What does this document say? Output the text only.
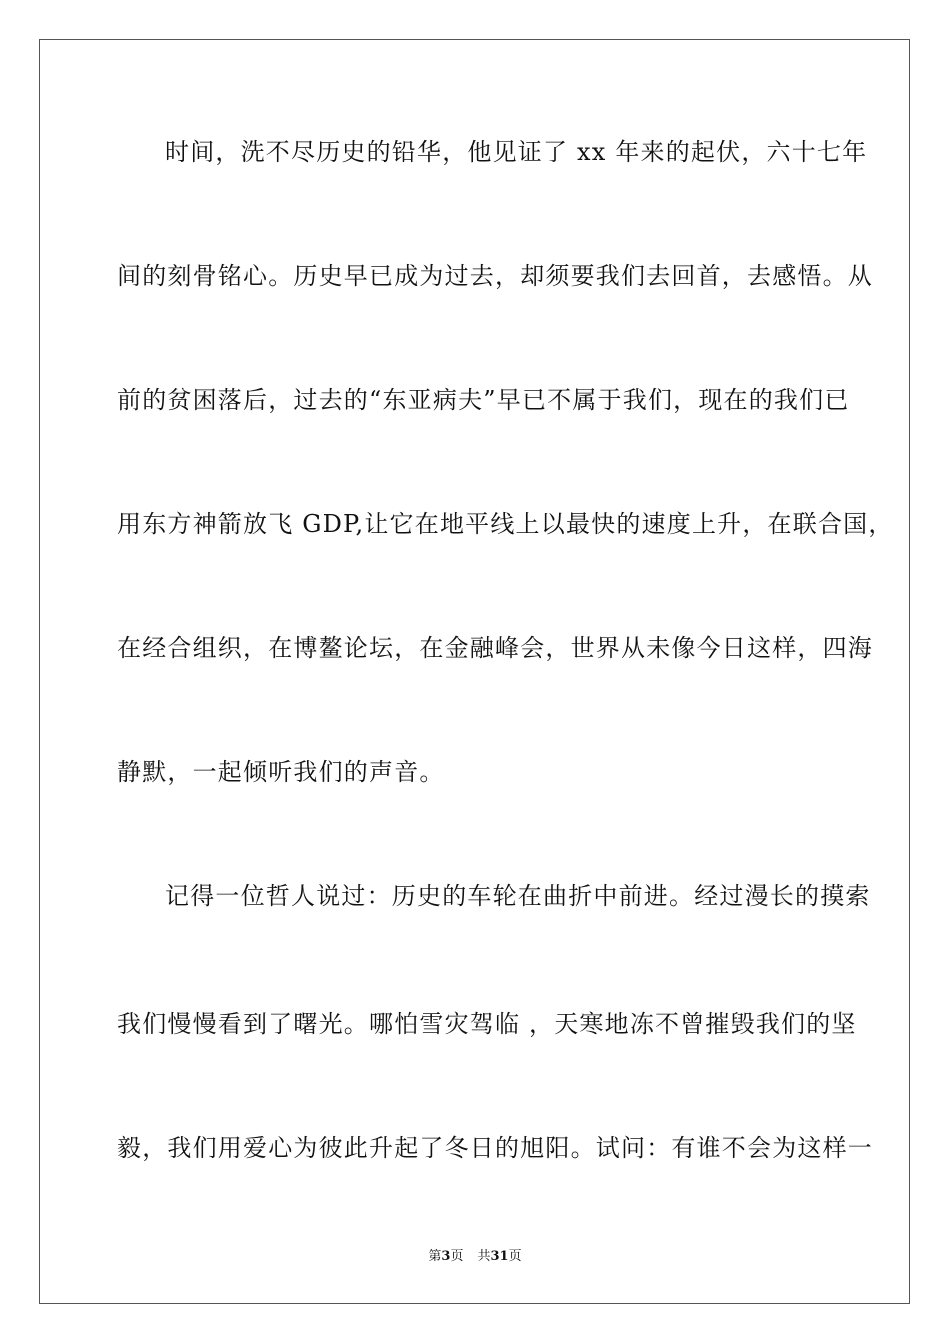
时间，洗不尽历史的铅华，他见证了 xx 年来的起伏，六十七年
间的刻骨铭心。历史早已成为过去，却须要我们去回首，去感悟。从
前的贫困落后，过去的“东亚病夫”早已不属于我们，现在的我们已
用东方神箭放飞 GDP,让它在地平线上以最快的速度上升，在联合国，
在经合组织，在博鳌论坛，在金融峰会，世界从未像今日这样，四海
静默，一起倾听我们的声音。
记得一位哲人说过：历史的车轮在曲折中前进。经过漫长的摸索
我们慢慢看到了曙光。哪怕雪灾驾临 ，天寒地冻不曾摧毁我们的坚
毅，我们用爱心为彼此升起了冬日的旭阳。试问：有谁不会为这样一
第3页 共31页
